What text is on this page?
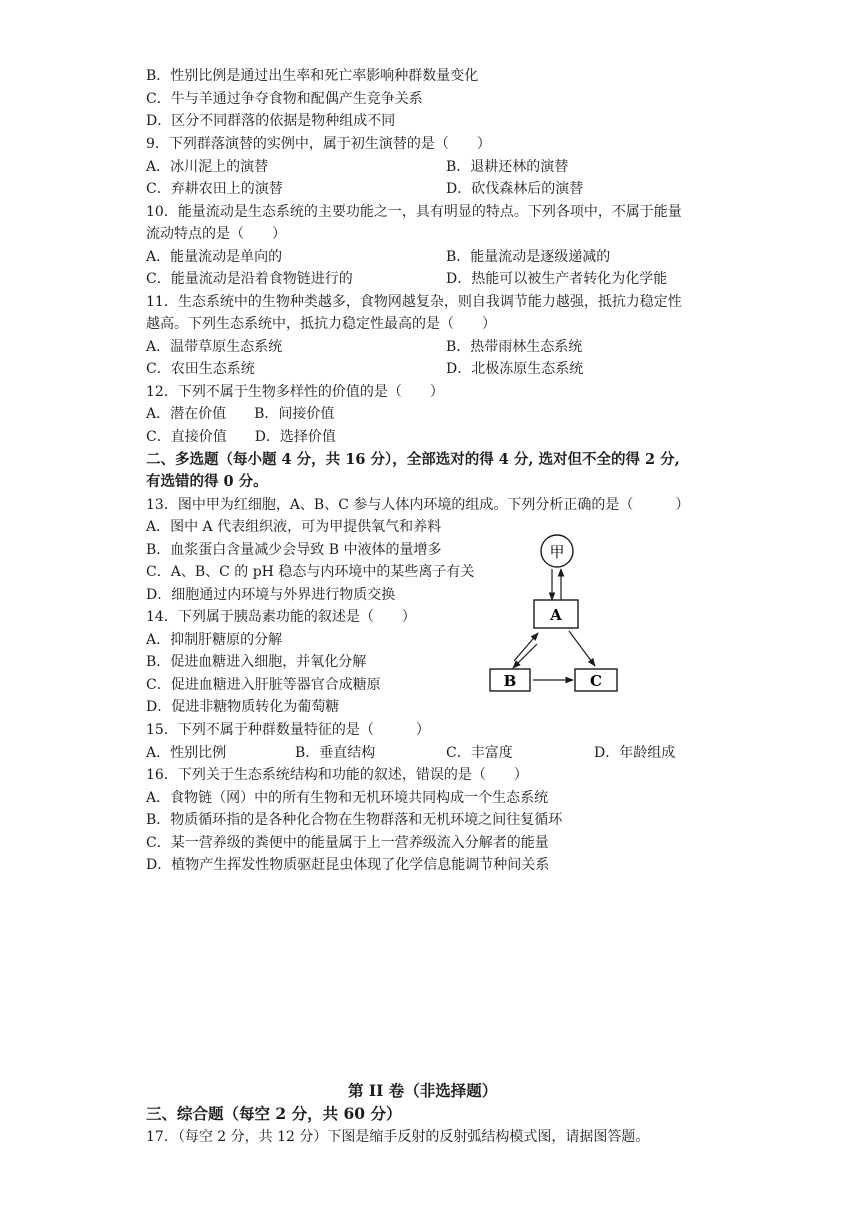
B．性别比例是通过出生率和死亡率影响种群数量变化
C．牛与羊通过争夺食物和配偶产生竞争关系
D．区分不同群落的依据是物种组成不同
9．下列群落演替的实例中，属于初生演替的是（　　）
A．冰川泥上的演替	B．退耕还林的演替
C．弃耕农田上的演替	D．砍伐森林后的演替
10．能量流动是生态系统的主要功能之一，具有明显的特点。下列各项中，不属于能量
流动特点的是（　　）
A．能量流动是单向的	B．能量流动是逐级递减的
C．能量流动是沿着食物链进行的	D．热能可以被生产者转化为化学能
11．生态系统中的生物种类越多，食物网越复杂，则自我调节能力越强，抵抗力稳定性
越高。下列生态系统中，抵抗力稳定性最高的是（　　）
A．温带草原生态系统	B．热带雨林生态系统
C．农田生态系统	D．北极冻原生态系统
12．下列不属于生物多样性的价值的是（　　）
A．潜在价值　　B．间接价值
C．直接价值　　D．选择价值
二、多选题（每小题 4 分，共 16 分），全部选对的得 4 分, 选对但不全的得 2 分,
有选错的得 0 分。
13．图中甲为红细胞，A、B、C 参与人体内环境的组成。下列分析正确的是（　　　）
A．图中 A 代表组织液，可为甲提供氧气和养料
B．血浆蛋白含量减少会导致 B 中液体的量增多
C．A、B、C 的 pH 稳态与内环境中的某些离子有关
D．细胞通过内环境与外界进行物质交换
14．下列属于胰岛素功能的叙述是（　　）
A．抑制肝糖原的分解
B．促进血糖进入细胞，并氧化分解
C．促进血糖进入肝脏等器官合成糖原
D．促进非糖物质转化为葡萄糖
15．下列不属于种群数量特征的是（　　　）
A．性别比例	B．垂直结构	C．丰富度	D．年龄组成
16．下列关于生态系统结构和功能的叙述，错误的是（　　）
A．食物链（网）中的所有生物和无机环境共同构成一个生态系统
B．物质循环指的是各种化合物在生物群落和无机环境之间往复循环
C．某一营养级的粪便中的能量属于上一营养级流入分解者的能量
D．植物产生挥发性物质驱赶昆虫体现了化学信息能调节种间关系
第 II 卷（非选择题）
三、综合题（每空 2 分，共 60 分）
17．（每空 2 分，共 12 分）下图是缩手反射的反射弧结构模式图，请据图答题。
甲
A
B	C
